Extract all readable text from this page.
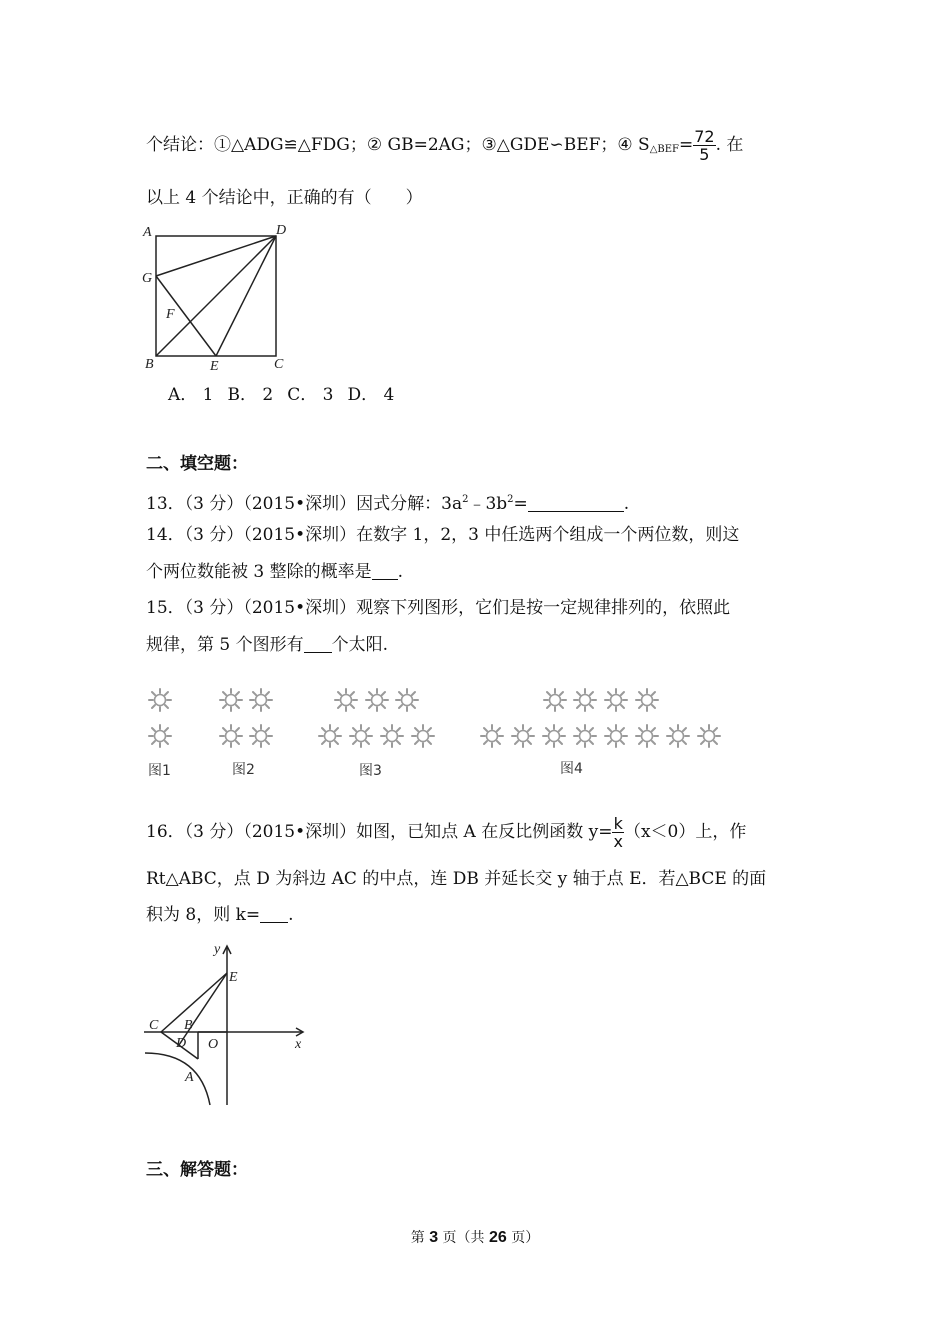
个结论：①△ADG≌△FDG；② GB=2AG；③△GDE∽BEF；④ $S_{\triangle BEF}= \frac{72}{5}$ . 在
以上 4 个结论中，正确的有（　　）
A	D
G
F
B	E	C
A． 1 B． 2 C． 3 D． 4
二、填空题：
13．（3 分）（2015•深圳）因式分解：$3a^2﹣3b^2=$	.
14．（3 分）（2015•深圳）在数字 1，2，3 中任选两个组成一个两位数，则这
个两位数能被 3 整除的概率是 .
15．（3 分）（2015•深圳）观察下列图形，它们是按一定规律排列的，依照此
规律，第 5 个图形有 个太阳.
图1	图2	图3	图4
16．（3 分）（2015•深圳）如图，已知点 A 在反比例函数 $y= \frac{k}{x} (x<0)$上，作
Rt△ABC，点 D 为斜边 AC 的中点，连 DB 并延长交 y 轴于点 E．若△BCE 的面
积为 8，则 k= .
y
x
E
C B
D O
A
三、解答题：
第 3 页（共 26 页）
